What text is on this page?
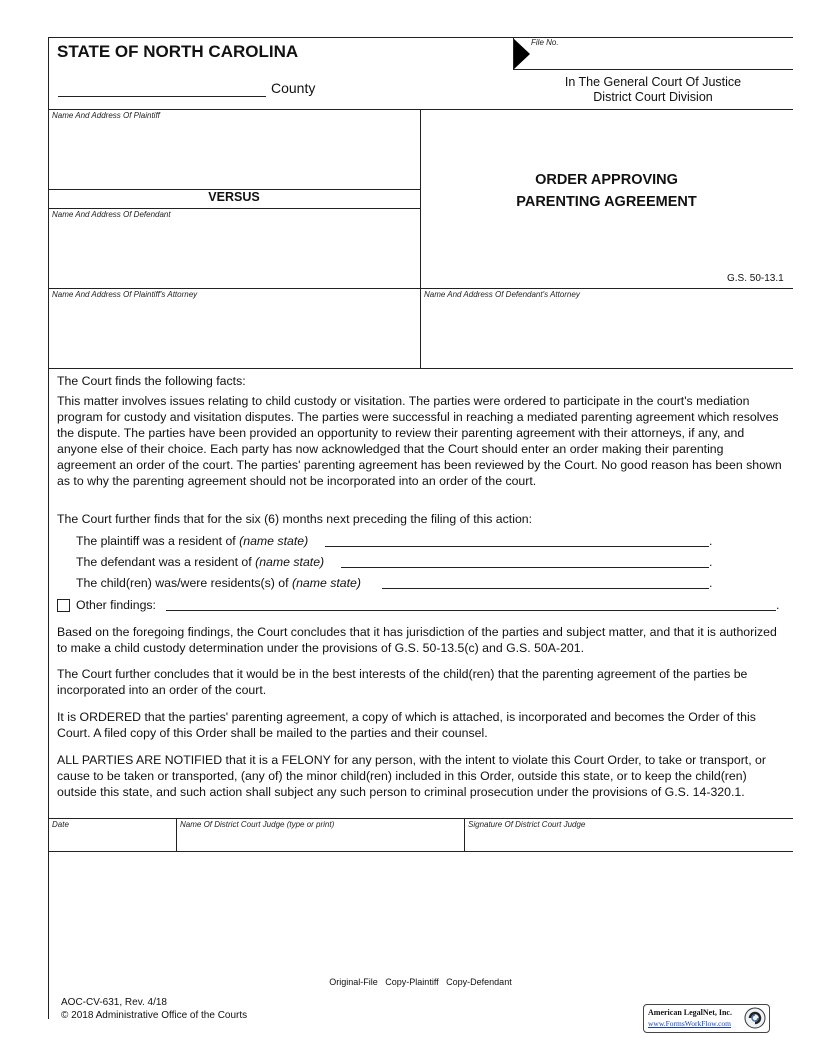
STATE OF NORTH CAROLINA
County
File No.
In The General Court Of Justice
District Court Division
Name And Address Of Plaintiff
VERSUS
Name And Address Of Defendant
ORDER APPROVING
PARENTING AGREEMENT
G.S. 50-13.1
Name And Address Of Plaintiff's Attorney	Name And Address Of Defendant's Attorney
The Court finds the following facts:
This matter involves issues relating to child custody or visitation. The parties were ordered to participate in the court's mediation program for custody and visitation disputes. The parties were successful in reaching a mediated parenting agreement which resolves the dispute. The parties have been provided an opportunity to review their parenting agreement with their attorneys, if any, and anyone else of their choice. Each party has now acknowledged that the Court should enter an order making their parenting agreement an order of the court. The parties' parenting agreement has been reviewed by the Court. No good reason has been shown as to why the parenting agreement should not be incorporated into an order of the court.
The Court further finds that for the six (6) months next preceding the filing of this action:
The plaintiff was a resident of (name state)	.
The defendant was a resident of (name state)	.
The child(ren) was/were residents(s) of (name state)	.
Other findings:	.
Based on the foregoing findings, the Court concludes that it has jurisdiction of the parties and subject matter, and that it is authorized to make a child custody determination under the provisions of G.S. 50-13.5(c) and G.S. 50A-201.
The Court further concludes that it would be in the best interests of the child(ren) that the parenting agreement of the parties be incorporated into an order of the court.
It is ORDERED that the parties' parenting agreement, a copy of which is attached, is incorporated and becomes the Order of this Court. A filed copy of this Order shall be mailed to the parties and their counsel.
ALL PARTIES ARE NOTIFIED that it is a FELONY for any person, with the intent to violate this Court Order, to take or transport, or cause to be taken or transported, (any of) the minor child(ren) included in this Order, outside this state, or to keep the child(ren) outside this state, and such action shall subject any such person to criminal prosecution under the provisions of G.S. 14-320.1.
Date	Name Of District Court Judge (type or print)	Signature Of District Court Judge
Original-File   Copy-Plaintiff   Copy-Defendant
AOC-CV-631, Rev. 4/18
© 2018 Administrative Office of the Courts	American LegalNet, Inc.
www.FormsWorkFlow.com
